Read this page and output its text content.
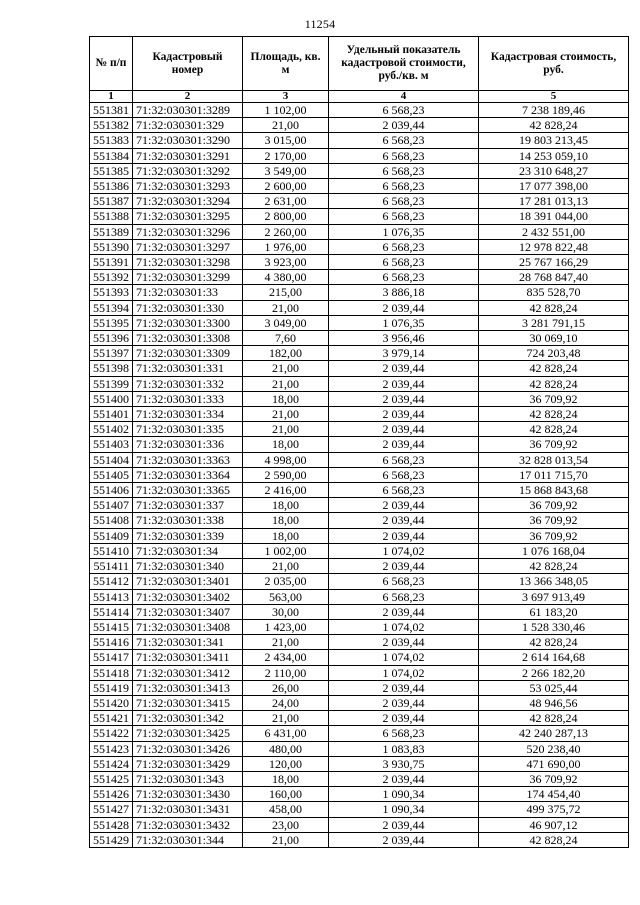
11254
№ п/п	Кадастровый номер	Площадь, кв. м	Удельный показатель кадастровой стоимости, руб./кв. м	Кадастровая стоимость, руб.
1	2	3	4	5
551381	71:32:030301:3289	1 102,00	6 568,23	7 238 189,46
551382	71:32:030301:329	21,00	2 039,44	42 828,24
551383	71:32:030301:3290	3 015,00	6 568,23	19 803 213,45
551384	71:32:030301:3291	2 170,00	6 568,23	14 253 059,10
551385	71:32:030301:3292	3 549,00	6 568,23	23 310 648,27
551386	71:32:030301:3293	2 600,00	6 568,23	17 077 398,00
551387	71:32:030301:3294	2 631,00	6 568,23	17 281 013,13
551388	71:32:030301:3295	2 800,00	6 568,23	18 391 044,00
551389	71:32:030301:3296	2 260,00	1 076,35	2 432 551,00
551390	71:32:030301:3297	1 976,00	6 568,23	12 978 822,48
551391	71:32:030301:3298	3 923,00	6 568,23	25 767 166,29
551392	71:32:030301:3299	4 380,00	6 568,23	28 768 847,40
551393	71:32:030301:33	215,00	3 886,18	835 528,70
551394	71:32:030301:330	21,00	2 039,44	42 828,24
551395	71:32:030301:3300	3 049,00	1 076,35	3 281 791,15
551396	71:32:030301:3308	7,60	3 956,46	30 069,10
551397	71:32:030301:3309	182,00	3 979,14	724 203,48
551398	71:32:030301:331	21,00	2 039,44	42 828,24
551399	71:32:030301:332	21,00	2 039,44	42 828,24
551400	71:32:030301:333	18,00	2 039,44	36 709,92
551401	71:32:030301:334	21,00	2 039,44	42 828,24
551402	71:32:030301:335	21,00	2 039,44	42 828,24
551403	71:32:030301:336	18,00	2 039,44	36 709,92
551404	71:32:030301:3363	4 998,00	6 568,23	32 828 013,54
551405	71:32:030301:3364	2 590,00	6 568,23	17 011 715,70
551406	71:32:030301:3365	2 416,00	6 568,23	15 868 843,68
551407	71:32:030301:337	18,00	2 039,44	36 709,92
551408	71:32:030301:338	18,00	2 039,44	36 709,92
551409	71:32:030301:339	18,00	2 039,44	36 709,92
551410	71:32:030301:34	1 002,00	1 074,02	1 076 168,04
551411	71:32:030301:340	21,00	2 039,44	42 828,24
551412	71:32:030301:3401	2 035,00	6 568,23	13 366 348,05
551413	71:32:030301:3402	563,00	6 568,23	3 697 913,49
551414	71:32:030301:3407	30,00	2 039,44	61 183,20
551415	71:32:030301:3408	1 423,00	1 074,02	1 528 330,46
551416	71:32:030301:341	21,00	2 039,44	42 828,24
551417	71:32:030301:3411	2 434,00	1 074,02	2 614 164,68
551418	71:32:030301:3412	2 110,00	1 074,02	2 266 182,20
551419	71:32:030301:3413	26,00	2 039,44	53 025,44
551420	71:32:030301:3415	24,00	2 039,44	48 946,56
551421	71:32:030301:342	21,00	2 039,44	42 828,24
551422	71:32:030301:3425	6 431,00	6 568,23	42 240 287,13
551423	71:32:030301:3426	480,00	1 083,83	520 238,40
551424	71:32:030301:3429	120,00	3 930,75	471 690,00
551425	71:32:030301:343	18,00	2 039,44	36 709,92
551426	71:32:030301:3430	160,00	1 090,34	174 454,40
551427	71:32:030301:3431	458,00	1 090,34	499 375,72
551428	71:32:030301:3432	23,00	2 039,44	46 907,12
551429	71:32:030301:344	21,00	2 039,44	42 828,24
